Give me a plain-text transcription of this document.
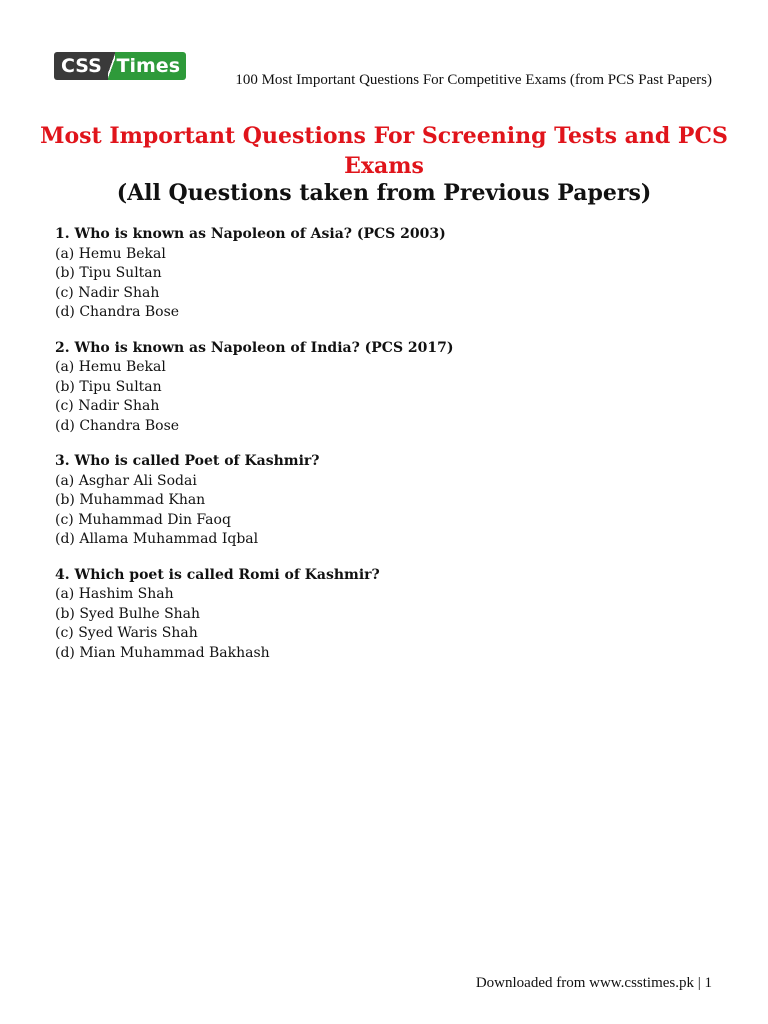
CSS Times
100 Most Important Questions For Competitive Exams (from PCS Past Papers)
Most Important Questions For Screening Tests and PCS Exams
(All Questions taken from Previous Papers)
1. Who is known as Napoleon of Asia? (PCS 2003)
(a) Hemu Bekal
(b) Tipu Sultan
(c) Nadir Shah
(d) Chandra Bose
2. Who is known as Napoleon of India? (PCS 2017)
(a) Hemu Bekal
(b) Tipu Sultan
(c) Nadir Shah
(d) Chandra Bose
3. Who is called Poet of Kashmir?
(a) Asghar Ali Sodai
(b) Muhammad Khan
(c) Muhammad Din Faoq
(d) Allama Muhammad Iqbal
4. Which poet is called Romi of Kashmir?
(a) Hashim Shah
(b) Syed Bulhe Shah
(c) Syed Waris Shah
(d) Mian Muhammad Bakhash
Downloaded from www.csstimes.pk | 1
